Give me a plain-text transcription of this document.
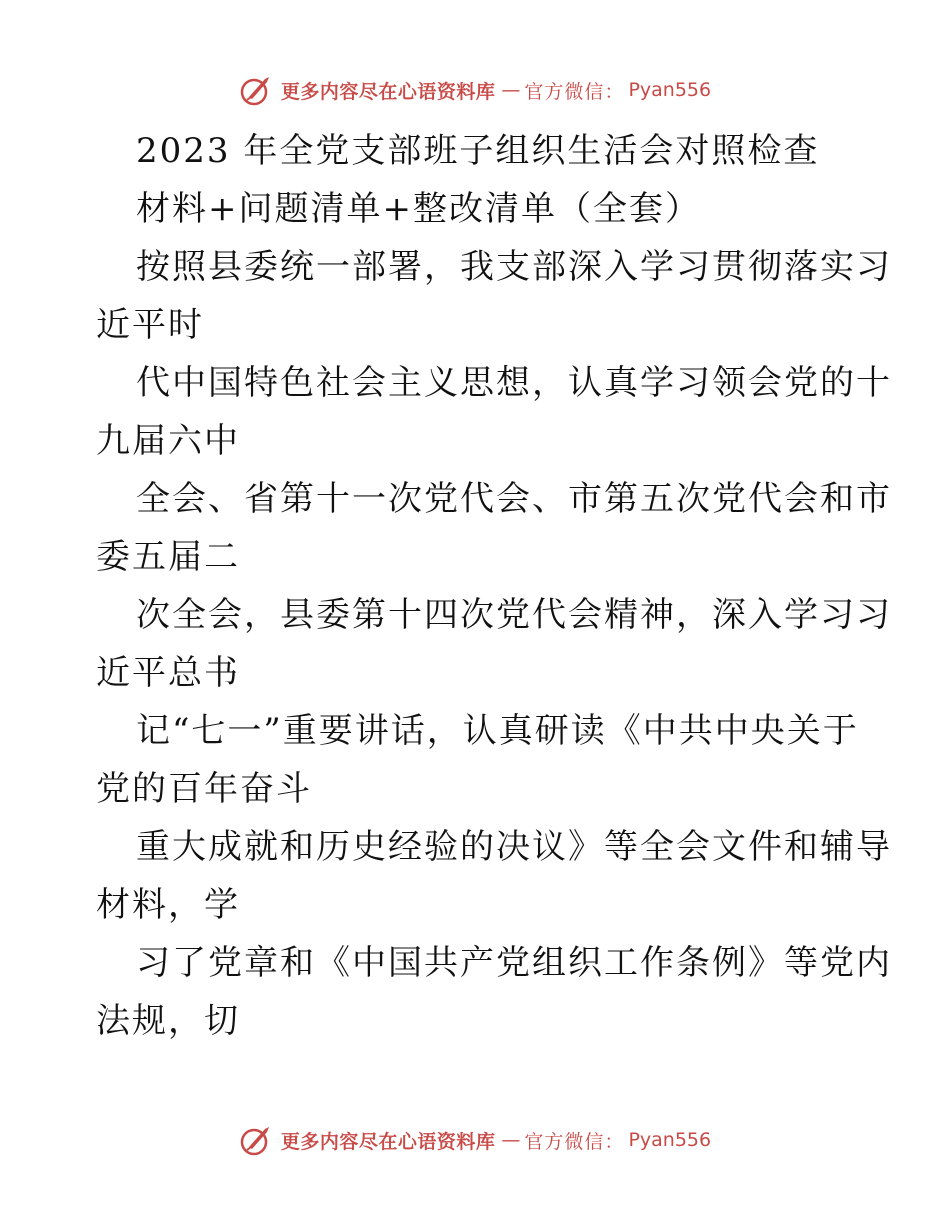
更多内容尽在心语资料库 — 官方微信： Pyan556
2023 年全党支部班子组织生活会对照检查
材料+问题清单+整改清单（全套）
按照县委统一部署，我支部深入学习贯彻落实习
近平时
代中国特色社会主义思想，认真学习领会党的十
九届六中
全会、省第十一次党代会、市第五次党代会和市
委五届二
次全会，县委第十四次党代会精神，深入学习习
近平总书
记“七一”重要讲话，认真研读《中共中央关于
党的百年奋斗
重大成就和历史经验的决议》等全会文件和辅导
材料，学
习了党章和《中国共产党组织工作条例》等党内
法规，切
更多内容尽在心语资料库 — 官方微信： Pyan556
